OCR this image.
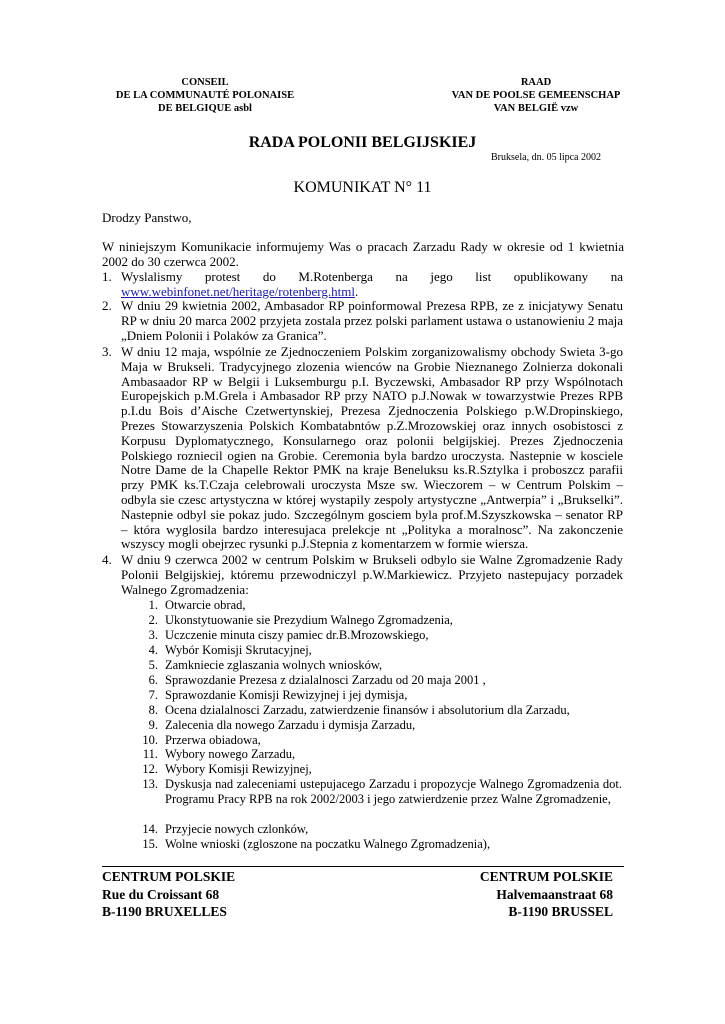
CONSEIL
DE LA COMMUNAUTÉ POLONAISE
DE BELGIQUE asbl
RAAD
VAN DE POOLSE GEMEENSCHAP
VAN BELGIË vzw
RADA POLONII BELGIJSKIEJ
Bruksela, dn. 05 lipca 2002
KOMUNIKAT N° 11
Drodzy Panstwo,
W niniejszym Komunikacie informujemy Was o pracach Zarzadu Rady w okresie od 1 kwietnia 2002 do 30 czerwca 2002.
1. Wyslalismy protest do M.Rotenberga na jego list opublikowany na www.webinfonet.net/heritage/rotenberg.html.
2. W dniu 29 kwietnia 2002, Ambasador RP poinformowal Prezesa RPB, ze z inicjatywy Senatu RP w dniu 20 marca 2002 przyjeta zostala przez polski parlament ustawa o ustanowieniu 2 maja „Dniem Polonii i Polaków za Granica”.
3. W dniu 12 maja, wspólnie ze Zjednoczeniem Polskim zorganizowalismy obchody Swieta 3-go Maja w Brukseli. Tradycyjnego zlozenia wienców na Grobie Nieznanego Zolnierza dokonali Ambasaador RP w Belgii i Luksemburgu p.I. Byczewski, Ambasador RP przy Wspólnotach Europejskich p.M.Grela i Ambasador RP przy NATO p.J.Nowak w towarzystwie Prezes RPB p.I.du Bois d’Aische Czetwertynskiej, Prezesa Zjednoczenia Polskiego p.W.Dropinskiego, Prezes Stowarzyszenia Polskich Kombatabntów p.Z.Mrozowskiej oraz innych osobistosci z Korpusu Dyplomatycznego, Konsularnego oraz polonii belgijskiej. Prezes Zjednoczenia Polskiego rozniecil ogien na Grobie. Ceremonia byla bardzo uroczysta. Nastepnie w kosciele Notre Dame de la Chapelle Rektor PMK na kraje Beneluksu ks.R.Sztylka i proboszcz parafii przy PMK ks.T.Czaja celebrowali uroczysta Msze sw. Wieczorem – w Centrum Polskim – odbyla sie czesc artystyczna w której wystapily zespoly artystyczne „Antwerpia” i „Brukselki”. Nastepnie odbyl sie pokaz judo. Szczególnym gosciem byla prof.M.Szyszkowska – senator RP – która wyglosila bardzo interesujaca prelekcje nt „Polityka a moralnosc”. Na zakonczenie wszyscy mogli obejrzec rysunki p.J.Stepnia z komentarzem w formie wiersza.
4. W dniu 9 czerwca 2002 w centrum Polskim w Brukseli odbylo sie Walne Zgromadzenie Rady Polonii Belgijskiej, któremu przewodniczyl p.W.Markiewicz. Przyjeto nastepujacy porzadek Walnego Zgromadzenia:
1. Otwarcie obrad,
2. Ukonstytuowanie sie Prezydium Walnego Zgromadzenia,
3. Uczczenie minuta ciszy pamiec dr.B.Mrozowskiego,
4. Wybór Komisji Skrutacyjnej,
5. Zamkniecie zglaszania wolnych wniosków,
6. Sprawozdanie Prezesa z dzialalnosci Zarzadu od 20 maja 2001 ,
7. Sprawozdanie Komisji Rewizyjnej i jej dymisja,
8. Ocena dzialalnosci Zarzadu, zatwierdzenie finansów i absolutorium dla Zarzadu,
9. Zalecenia dla nowego Zarzadu i dymisja Zarzadu,
10. Przerwa obiadowa,
11. Wybory nowego Zarzadu,
12. Wybory Komisji Rewizyjnej,
13. Dyskusja nad zaleceniami ustepujacego Zarzadu i propozycje Walnego Zgromadzenia dot. Programu Pracy RPB na rok 2002/2003 i jego zatwierdzenie przez Walne Zgromadzenie,
14. Przyjecie nowych czlonków,
15. Wolne wnioski (zgloszone na poczatku Walnego Zgromadzenia),
CENTRUM POLSKIE
Rue du Croissant 68
B-1190 BRUXELLES
CENTRUM POLSKIE
Halvemaanstraat 68
B-1190 BRUSSEL
